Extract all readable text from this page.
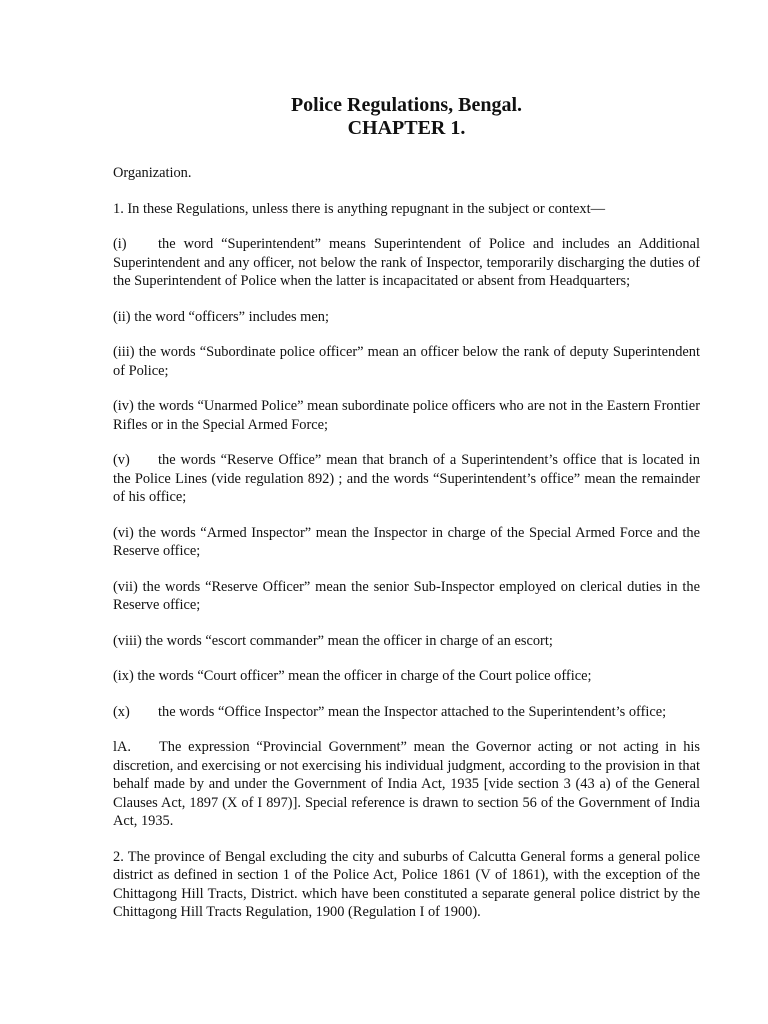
Police Regulations, Bengal.
CHAPTER 1.

Organization.

1. In these Regulations, unless there is anything repugnant in the subject or context—

(i) the word “Superintendent” means Superintendent of Police and includes an Additional Superintendent and any officer, not below the rank of Inspector, temporarily discharging the duties of the Superintendent of Police when the latter is incapacitated or absent from Headquarters;

(ii) the word “officers” includes men;

(iii) the words “Subordinate police officer” mean an officer below the rank of deputy Superintendent of Police;

(iv) the words “Unarmed Police” mean subordinate police officers who are not in the Eastern Frontier Rifles or in the Special Armed Force;

(v) the words “Reserve Office” mean that branch of a Superintendent’s office that is located in the Police Lines (vide regulation 892) ; and the words “Superintendent’s office” mean the remainder of his office;

(vi) the words “Armed Inspector” mean the Inspector in charge of the Special Armed Force and the Reserve office;

(vii) the words “Reserve Officer” mean the senior Sub-Inspector employed on clerical duties in the Reserve office;

(viii) the words “escort commander” mean the officer in charge of an escort;

(ix) the words “Court officer” mean the officer in charge of the Court police office;

(x) the words “Office Inspector” mean the Inspector attached to the Superintendent’s office;

lA. The expression “Provincial Government” mean the Governor acting or not acting in his discretion, and exercising or not exercising his individual judgment, according to the provision in that behalf made by and under the Government of India Act, 1935 [vide section 3 (43 a) of the General Clauses Act, 1897 (X of I 897)]. Special reference is drawn to section 56 of the Government of India Act, 1935.

2. The province of Bengal excluding the city and suburbs of Calcutta General forms a general police district as defined in section 1 of the Police Act, Police 1861 (V of 1861), with the exception of the Chittagong Hill Tracts, District. which have been constituted a separate general police district by the Chittagong Hill Tracts Regulation, 1900 (Regulation I of 1900).
